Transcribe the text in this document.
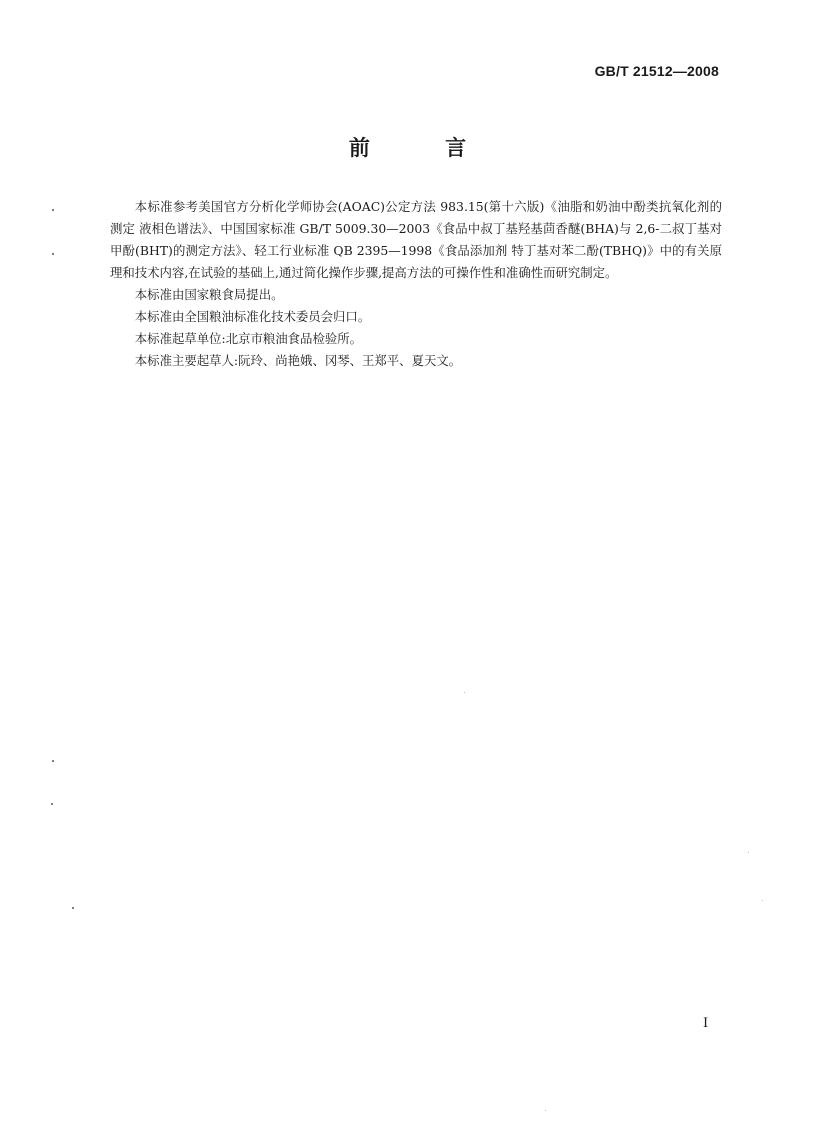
GB/T 21512—2008
前 言

本标准参考美国官方分析化学师协会(AOAC)公定方法 983.15(第十六版)《油脂和奶油中酚类抗氧化剂的测定 液相色谱法》、中国国家标准 GB/T 5009.30—2003《食品中叔丁基羟基茴香醚(BHA)与 2,6-二叔丁基对甲酚(BHT)的测定方法》、轻工行业标准 QB 2395—1998《食品添加剂 特丁基对苯二酚(TBHQ)》中的有关原理和技术内容,在试验的基础上,通过简化操作步骤,提高方法的可操作性和准确性而研究制定。

本标准由国家粮食局提出。

本标准由全国粮油标准化技术委员会归口。

本标准起草单位:北京市粮油食品检验所。

本标准主要起草人:阮玲、尚艳娥、冈琴、王郑平、夏天文。

I
